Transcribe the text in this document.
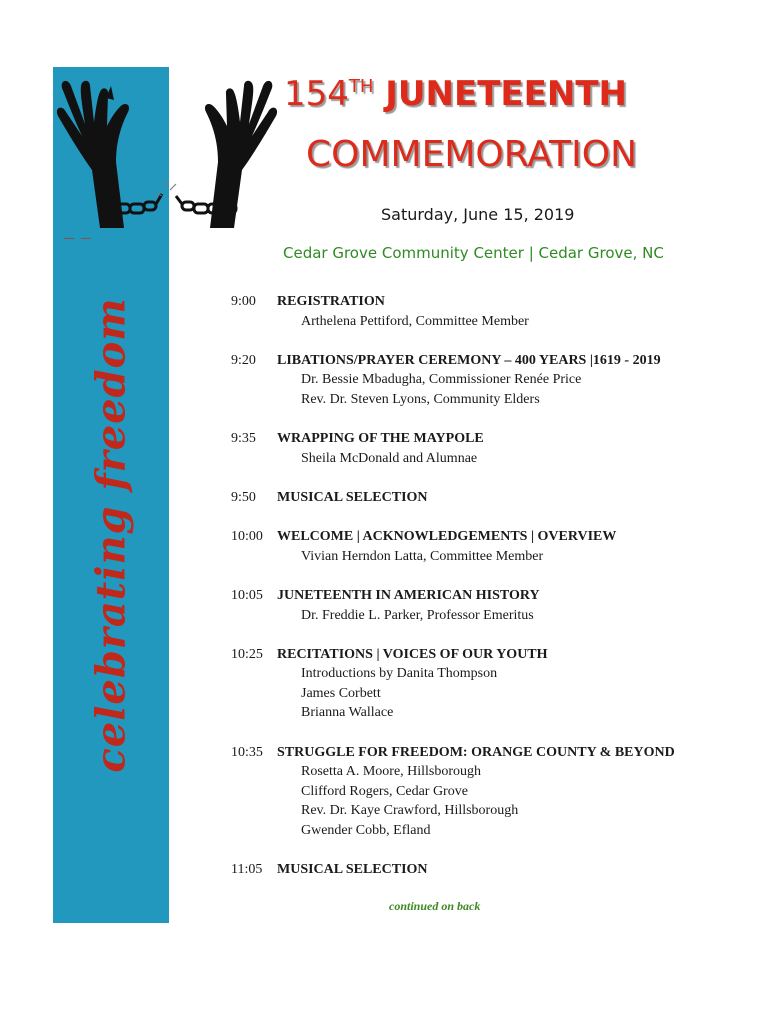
celebrating freedom
— —
154TH JUNETEENTH
COMMEMORATION
Saturday, June 15, 2019
Cedar Grove Community Center | Cedar Grove, NC
9:00	REGISTRATION
Arthelena Pettiford, Committee Member
9:20	LIBATIONS/PRAYER CEREMONY – 400 YEARS |1619 - 2019
Dr. Bessie Mbadugha, Commissioner Renée Price
Rev. Dr. Steven Lyons, Community Elders
9:35	WRAPPING OF THE MAYPOLE
Sheila McDonald and Alumnae
9:50	MUSICAL SELECTION
10:00	WELCOME | ACKNOWLEDGEMENTS | OVERVIEW
Vivian Herndon Latta, Committee Member
10:05	JUNETEENTH IN AMERICAN HISTORY
Dr. Freddie L. Parker, Professor Emeritus
10:25	RECITATIONS | VOICES OF OUR YOUTH
Introductions by Danita Thompson
James Corbett
Brianna Wallace
10:35	STRUGGLE FOR FREEDOM: ORANGE COUNTY & BEYOND
Rosetta A. Moore, Hillsborough
Clifford Rogers, Cedar Grove
Rev. Dr. Kaye Crawford, Hillsborough
Gwender Cobb, Efland
11:05	MUSICAL SELECTION
continued on back
